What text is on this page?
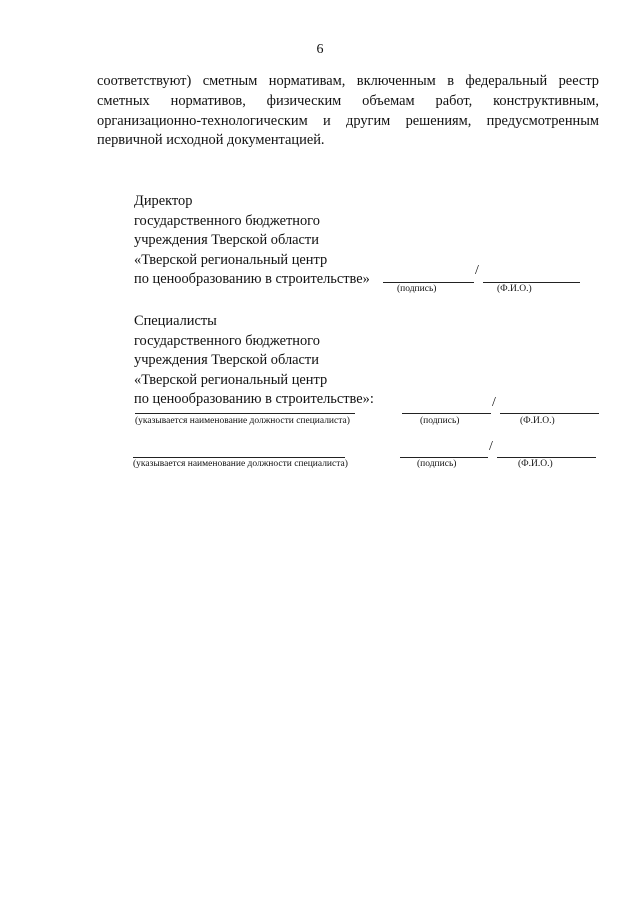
6
соответствуют) сметным нормативам, включенным в федеральный реестр
сметных нормативов, физическим объемам работ, конструктивным,
организационно-технологическим и другим решениям, предусмотренным
первичной исходной документацией.
Директор
государственного бюджетного
учреждения Тверской области
«Тверской региональный центр
по ценообразованию в строительстве»
/
(подпись)	(Ф.И.О.)
Специалисты
государственного бюджетного
учреждения Тверской области
«Тверской региональный центр
по ценообразованию в строительстве»:	/
(указывается наименование должности специалиста)	(подпись)	(Ф.И.О.)
/
(указывается наименование должности специалиста)	(подпись)	(Ф.И.О.)
